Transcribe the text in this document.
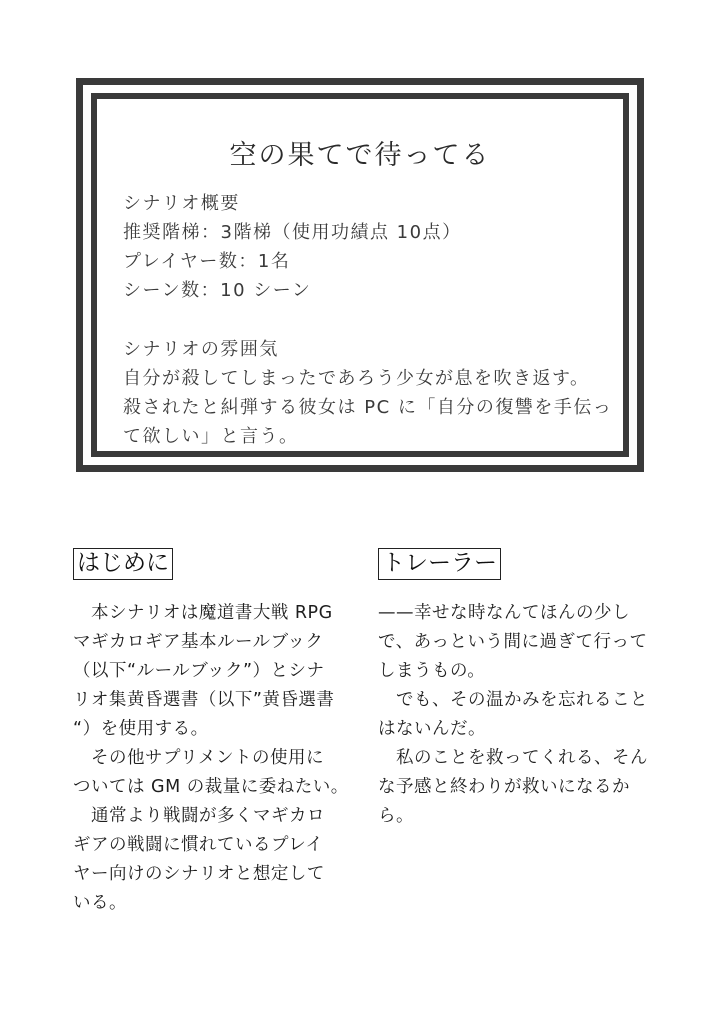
空の果てで待ってる
シナリオ概要
推奨階梯：3階梯（使用功績点 10点）
プレイヤー数：1名
シーン数：10 シーン
シナリオの雰囲気
自分が殺してしまったであろう少女が息を吹き返す。
殺されたと糾弾する彼女は PC に「自分の復讐を手伝っ
て欲しい」と言う。
はじめに	トレーラー
　本シナリオは魔道書大戦 RPG
マギカロギア基本ルールブック
（以下“ルールブック”）とシナ
リオ集黄昏選書（以下”黄昏選書
“）を使用する。
　その他サプリメントの使用に
ついては GM の裁量に委ねたい。
　通常より戦闘が多くマギカロ
ギアの戦闘に慣れているプレイ
ヤー向けのシナリオと想定して
いる。
——幸せな時なんてほんの少し
で、あっという間に過ぎて行って
しまうもの。
　でも、その温かみを忘れること
はないんだ。
　私のことを救ってくれる、そん
な予感と終わりが救いになるか
ら。
